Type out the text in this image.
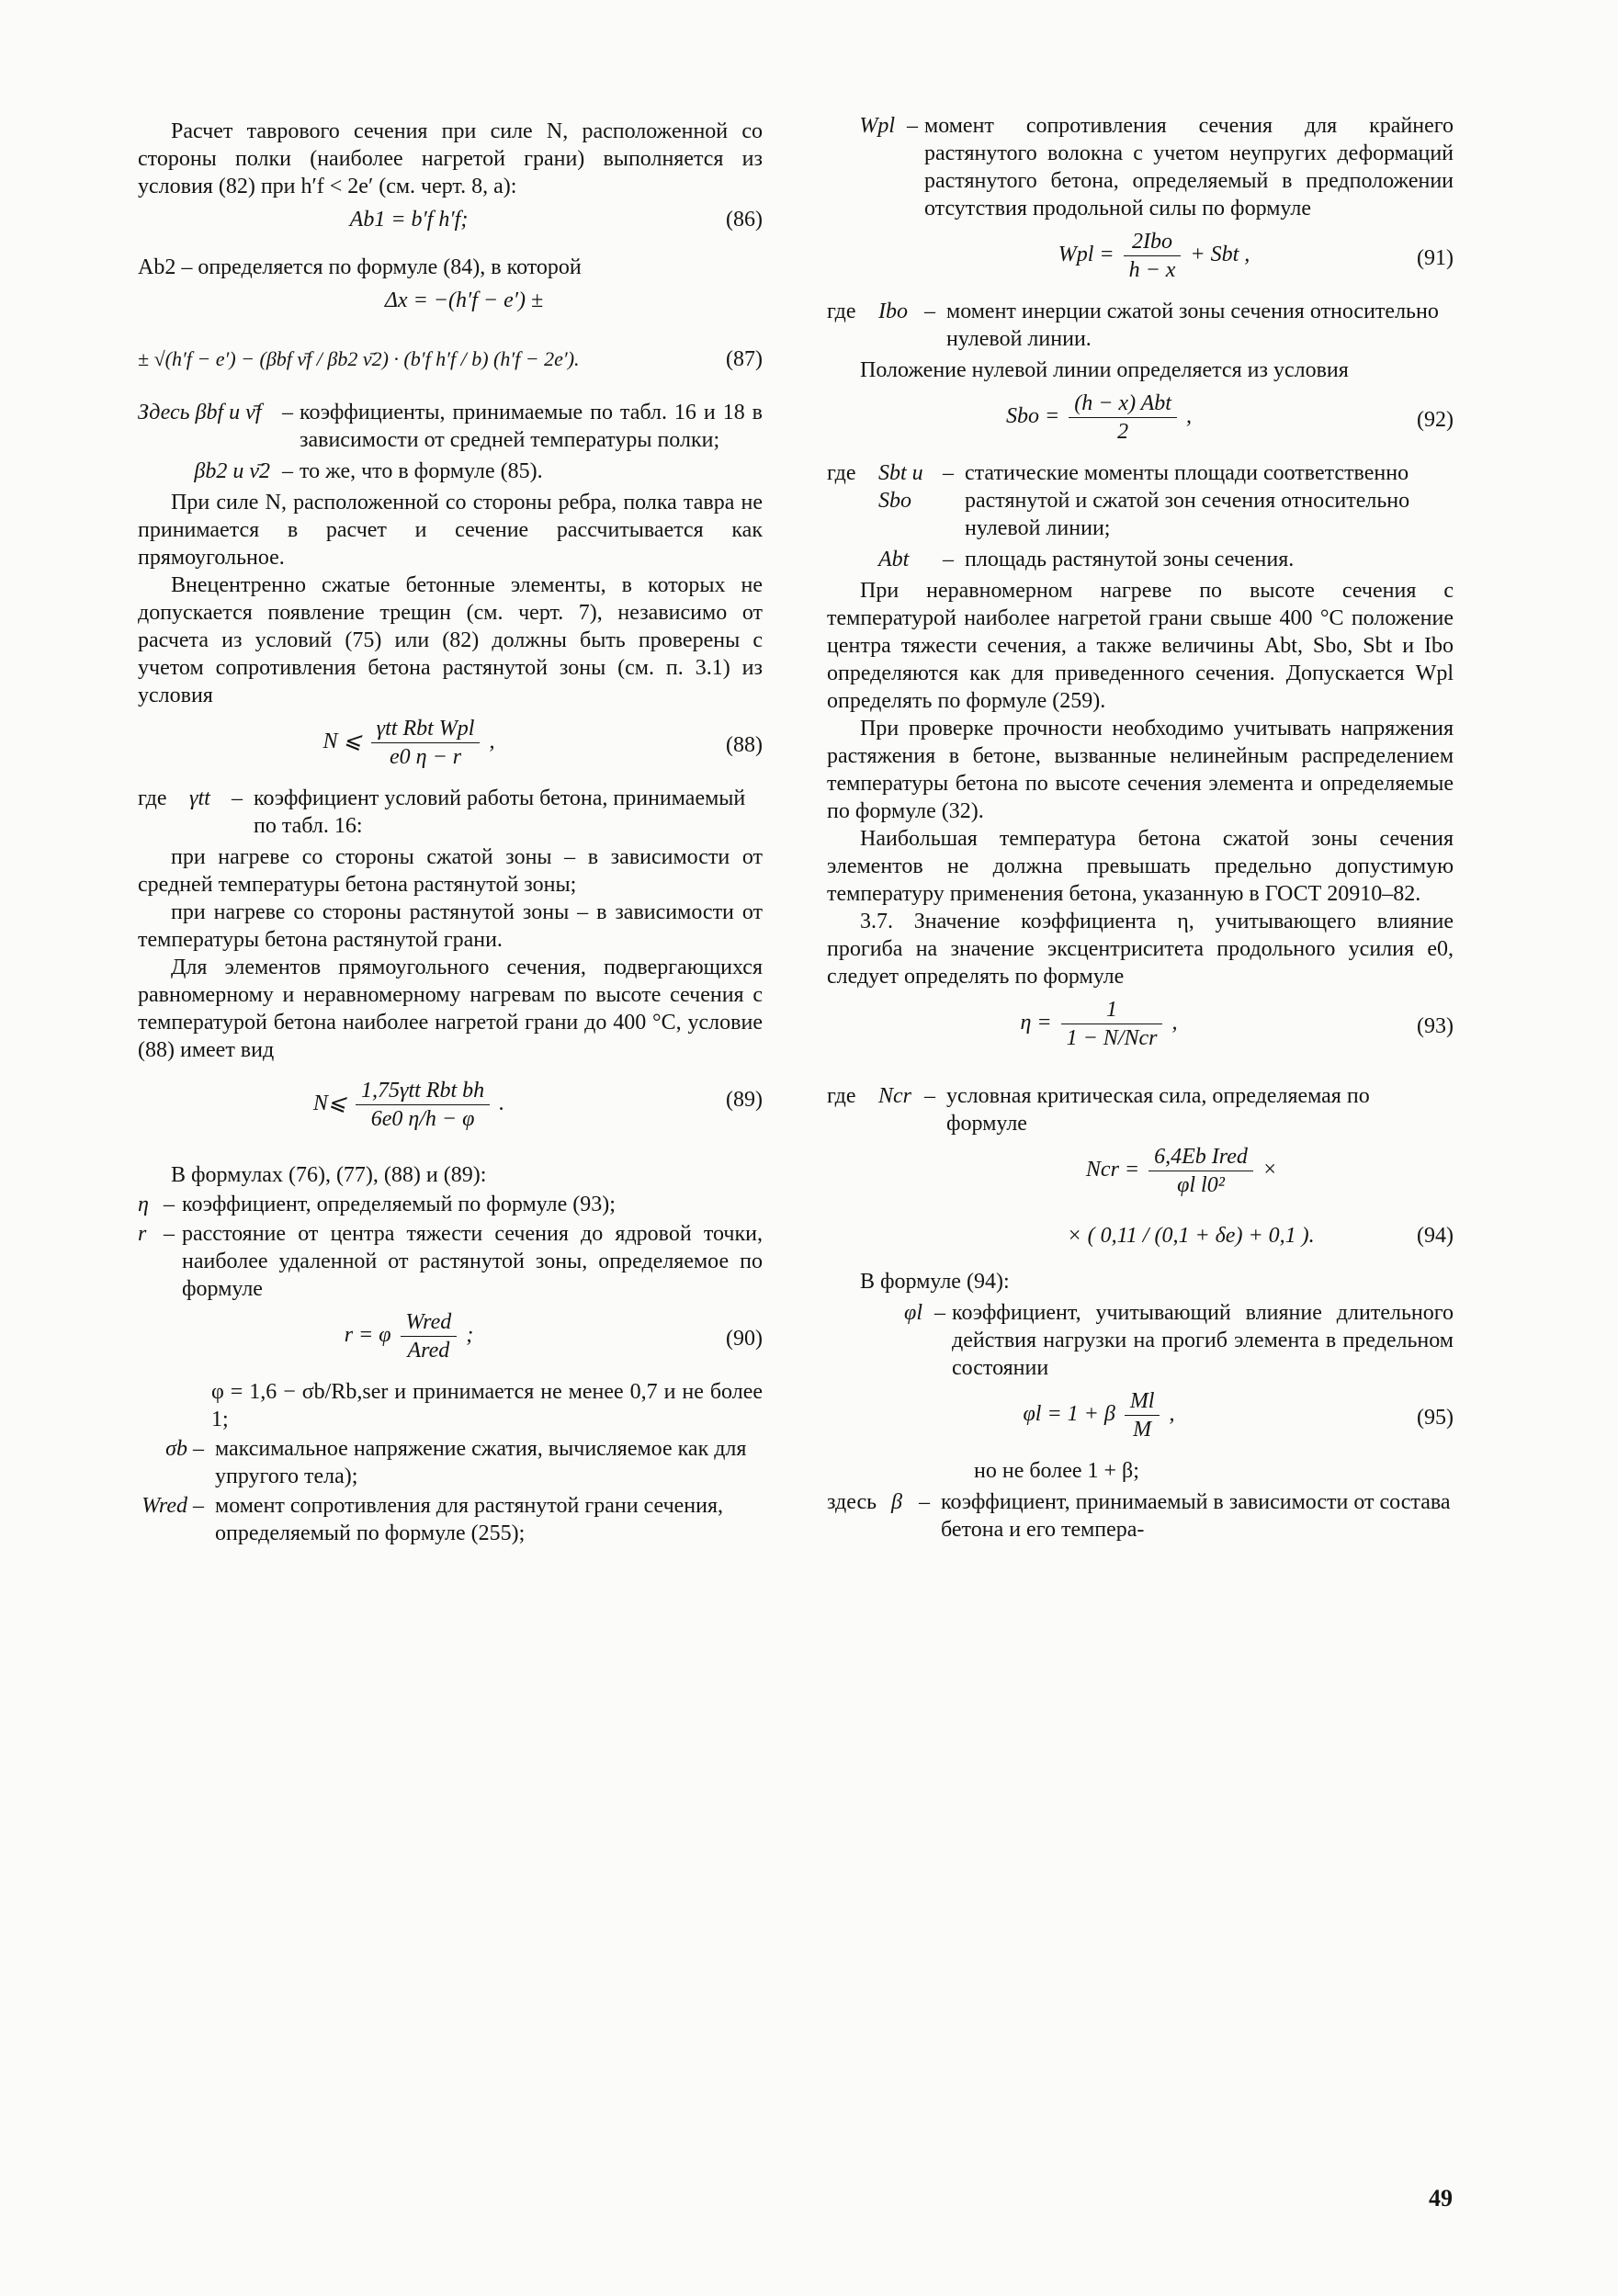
Расчет таврового сечения при силе N, расположенной со стороны полки (наиболее нагретой грани) выполняется из условия (82) при h′f < 2e′ (см. черт. 8, а):

Ab1 = b′f h′f;	(86)

Ab2 – определяется по формуле (84), в которой

Δx = −(h′f − e′) ±
± √(h′f − e′) − (βbf ν̄f / βb2 ν̄2) · (b′f h′f / b) (h′f − 2e′).	(87)
Здесь βbf и ν̄f – коэффициенты, принимаемые по табл. 16 и 18 в зависимости от средней температуры полки;
βb2 и ν̄2 – то же, что в формуле (85).

При силе N, расположенной со стороны ребра, полка тавра не принимается в расчет и сечение рассчитывается как прямоугольное.

Внецентренно сжатые бетонные элементы, в которых не допускается появление трещин (см. черт. 7), независимо от расчета из условий (75) или (82) должны быть проверены с учетом сопротивления бетона растянутой зоны (см. п. 3.1) из условия

N ⩽ $\frac{\text{γtt Rbt Wpl}}{e0 \eta - r}$ ,	(88)
где	γtt – коэффициент условий работы бетона, принимаемый по табл. 16:

при нагреве со стороны сжатой зоны – в зависимости от средней температуры бетона растянутой зоны;

при нагреве со стороны растянутой зоны – в зависимости от температуры бетона растянутой грани.

Для элементов прямоугольного сечения, подвергающихся равномерному и неравномерному нагревам по высоте сечения с температурой бетона наиболее нагретой грани до 400 °С, условие (88) имеет вид

N⩽ $\frac{\text{1,75γtt Rbt bh}}{6e0 \eta/h - \varphi}$ .	(89)

В формулах (76), (77), (88) и (89):

η – коэффициент, определяемый по формуле (93);
r – расстояние от центра тяжести сечения до ядровой точки, наиболее удаленной от растянутой зоны, определяемое по формуле
r = φ $\frac{\text{Wred}}{\text{Ared}}$ ;	(90)

φ = 1,6 − σb/Rb,ser и принимается не менее 0,7 и не более 1;

σb – максимальное напряжение сжатия, вычисляемое как для упругого тела);
Wred – момент сопротивления для растянутой грани сечения, определяемый по формуле (255);
Wpl – момент сопротивления сечения для крайнего растянутого волокна с учетом неупругих деформаций растянутого бетона, определяемый в предположении отсутствия продольной силы по формуле
Wpl = $\frac{\text{2Ibo}}{h - x}$ + Sbt ,	(91)
где	Ibo – момент инерции сжатой зоны сечения относительно нулевой линии.

Положение нулевой линии определяется из условия

Sbo = $\frac{\text{(h − x) Abt}}{2}$ ,	(92)
где	Sbt и Sbo
– статические моменты площади соответственно растянутой и сжатой зон сечения относительно нулевой линии;
Abt	– площадь растянутой зоны сечения.

При неравномерном нагреве по высоте сечения с температурой наиболее нагретой грани свыше 400 °С положение центра тяжести сечения, а также величины Abt, Sbo, Sbt и Ibo определяются как для приведенного сечения. Допускается Wpl определять по формуле (259).

При проверке прочности необходимо учитывать напряжения растяжения в бетоне, вызванные нелинейным распределением температуры бетона по высоте сечения элемента и определяемые по формуле (32).

Наибольшая температура бетона сжатой зоны сечения элементов не должна превышать предельно допустимую температуру применения бетона, указанную в ГОСТ 20910–82.

3.7. Значение коэффициента η, учитывающего влияние прогиба на значение эксцентриситета продольного усилия e0, следует определять по формуле

$\eta = \frac{1}{\text{1 − N/Ncr}}$ ,	(93)
где	Ncr – условная критическая сила, определяемая по формуле
Ncr = $\frac{\text{6,4Eb Ired}}{\text{φl l0²}}$ ×
× ( 0,11 / (0,1 + δe) + 0,1 ).	(94)

В формуле (94):

φl – коэффициент, учитывающий влияние длительного действия нагрузки на прогиб элемента в предельном состоянии
φl = 1 + β $\frac{Ml}{M}$ ,	(95)

но не более 1 + β;

здесь β – коэффициент, принимаемый в зависимости от состава бетона и его темпера-
49
